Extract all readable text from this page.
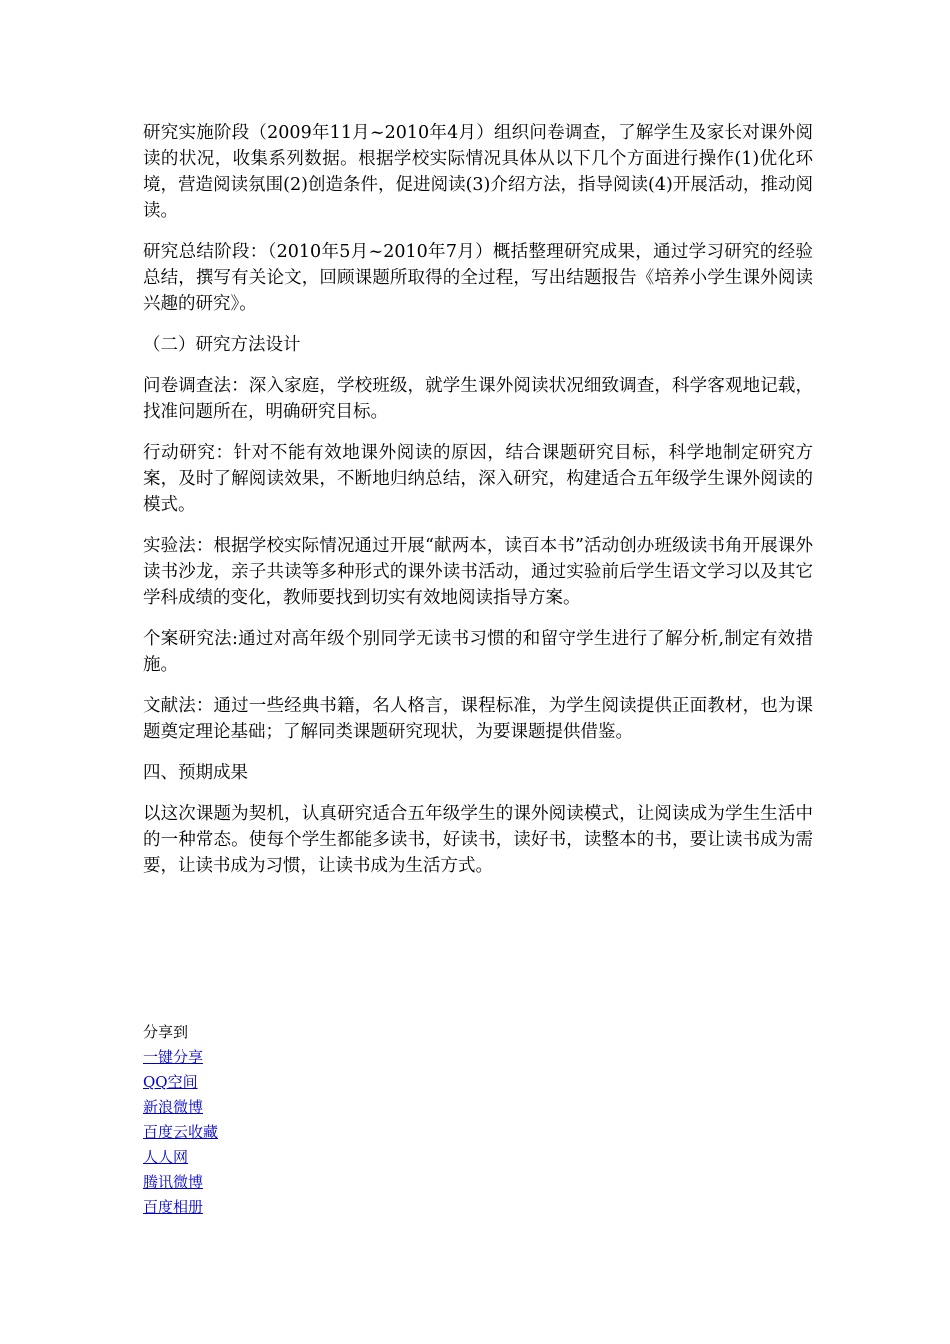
研究实施阶段（2009年11月~2010年4月）组织问卷调查，了解学生及家长对课外阅读的状况，收集系列数据。根据学校实际情况具体从以下几个方面进行操作(1)优化环境，营造阅读氛围(2)创造条件，促进阅读(3)介绍方法，指导阅读(4)开展活动，推动阅读。

研究总结阶段：（2010年5月~2010年7月）概括整理研究成果，通过学习研究的经验总结，撰写有关论文，回顾课题所取得的全过程，写出结题报告《培养小学生课外阅读兴趣的研究》。

（二）研究方法设计

问卷调查法：深入家庭，学校班级，就学生课外阅读状况细致调查，科学客观地记载，找准问题所在，明确研究目标。

行动研究：针对不能有效地课外阅读的原因，结合课题研究目标，科学地制定研究方案，及时了解阅读效果，不断地归纳总结，深入研究，构建适合五年级学生课外阅读的模式。

实验法：根据学校实际情况通过开展“献两本，读百本书”活动创办班级读书角开展课外读书沙龙，亲子共读等多种形式的课外读书活动，通过实验前后学生语文学习以及其它学科成绩的变化，教师要找到切实有效地阅读指导方案。

个案研究法:通过对高年级个别同学无读书习惯的和留守学生进行了解分析,制定有效措施。

文献法：通过一些经典书籍，名人格言，课程标准，为学生阅读提供正面教材，也为课题奠定理论基础；了解同类课题研究现状，为要课题提供借鉴。

四、预期成果

以这次课题为契机，认真研究适合五年级学生的课外阅读模式，让阅读成为学生生活中的一种常态。使每个学生都能多读书，好读书，读好书，读整本的书，要让读书成为需要，让读书成为习惯，让读书成为生活方式。

分享到
一键分享
QQ空间
新浪微博
百度云收藏
人人网
腾讯微博
百度相册
